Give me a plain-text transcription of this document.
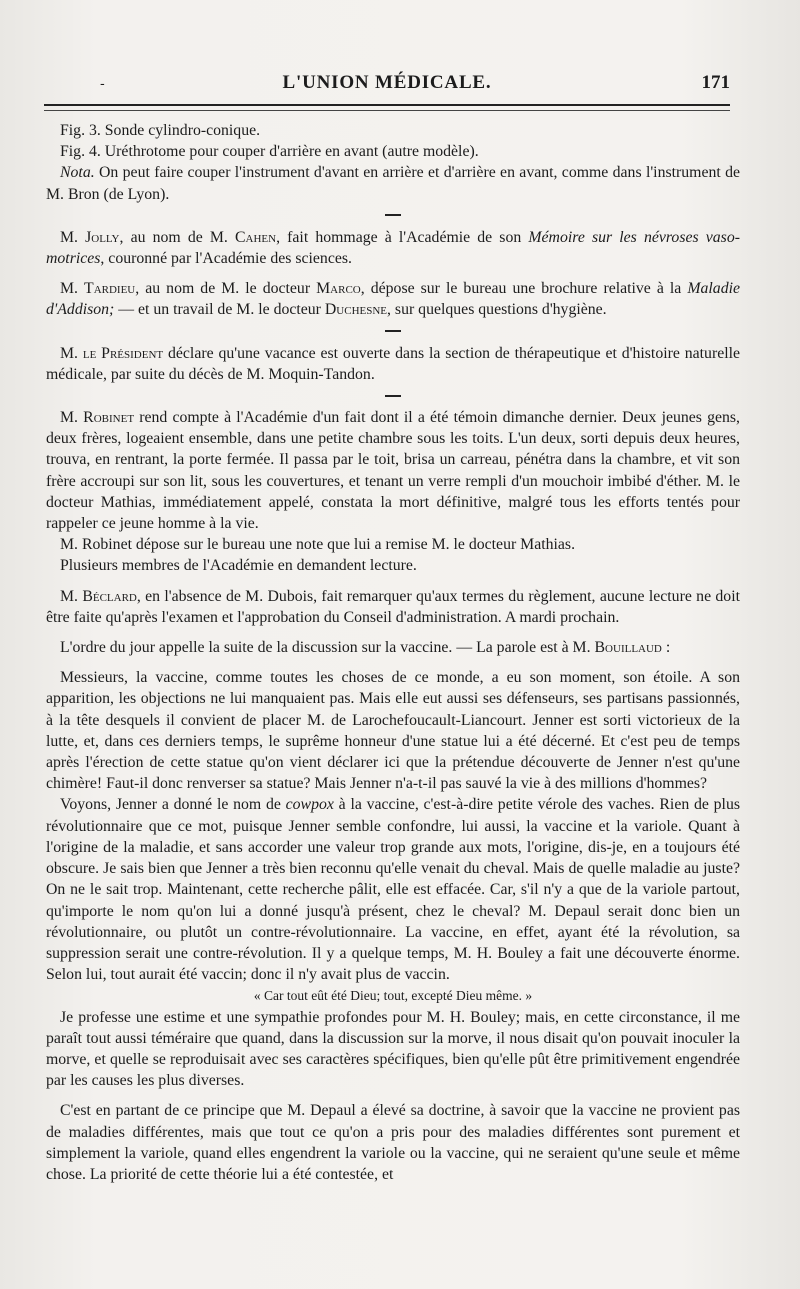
-	L'UNION MÉDICALE.	171

Fig. 3. Sonde cylindro-conique.

Fig. 4. Uréthrotome pour couper d'arrière en avant (autre modèle).

Nota. On peut faire couper l'instrument d'avant en arrière et d'arrière en avant, comme dans l'instrument de M. Bron (de Lyon).

M. Jolly, au nom de M. Cahen, fait hommage à l'Académie de son Mémoire sur les névroses vaso-motrices, couronné par l'Académie des sciences.

M. Tardieu, au nom de M. le docteur Marco, dépose sur le bureau une brochure relative à la Maladie d'Addison; — et un travail de M. le docteur Duchesne, sur quelques questions d'hygiène.

M. le Président déclare qu'une vacance est ouverte dans la section de thérapeutique et d'histoire naturelle médicale, par suite du décès de M. Moquin-Tandon.

M. Robinet rend compte à l'Académie d'un fait dont il a été témoin dimanche dernier. Deux jeunes gens, deux frères, logeaient ensemble, dans une petite chambre sous les toits. L'un deux, sorti depuis deux heures, trouva, en rentrant, la porte fermée. Il passa par le toit, brisa un carreau, pénétra dans la chambre, et vit son frère accroupi sur son lit, sous les couvertures, et tenant un verre rempli d'un mouchoir imbibé d'éther. M. le docteur Mathias, immédiatement appelé, constata la mort définitive, malgré tous les efforts tentés pour rappeler ce jeune homme à la vie.

M. Robinet dépose sur le bureau une note que lui a remise M. le docteur Mathias.

Plusieurs membres de l'Académie en demandent lecture.

M. Béclard, en l'absence de M. Dubois, fait remarquer qu'aux termes du règlement, aucune lecture ne doit être faite qu'après l'examen et l'approbation du Conseil d'administration. A mardi prochain.

L'ordre du jour appelle la suite de la discussion sur la vaccine. — La parole est à M. Bouillaud :

Messieurs, la vaccine, comme toutes les choses de ce monde, a eu son moment, son étoile. A son apparition, les objections ne lui manquaient pas. Mais elle eut aussi ses défenseurs, ses partisans passionnés, à la tête desquels il convient de placer M. de Larochefoucault-Liancourt. Jenner est sorti victorieux de la lutte, et, dans ces derniers temps, le suprême honneur d'une statue lui a été décerné. Et c'est peu de temps après l'érection de cette statue qu'on vient déclarer ici que la prétendue découverte de Jenner n'est qu'une chimère! Faut-il donc renverser sa statue? Mais Jenner n'a-t-il pas sauvé la vie à des millions d'hommes?

Voyons, Jenner a donné le nom de cowpox à la vaccine, c'est-à-dire petite vérole des vaches. Rien de plus révolutionnaire que ce mot, puisque Jenner semble confondre, lui aussi, la vaccine et la variole. Quant à l'origine de la maladie, et sans accorder une valeur trop grande aux mots, l'origine, dis-je, en a toujours été obscure. Je sais bien que Jenner a très bien reconnu qu'elle venait du cheval. Mais de quelle maladie au juste? On ne le sait trop. Maintenant, cette recherche pâlit, elle est effacée. Car, s'il n'y a que de la variole partout, qu'importe le nom qu'on lui a donné jusqu'à présent, chez le cheval? M. Depaul serait donc bien un révolutionnaire, ou plutôt un contre-révolutionnaire. La vaccine, en effet, ayant été la révolution, sa suppression serait une contre-révolution. Il y a quelque temps, M. H. Bouley a fait une découverte énorme. Selon lui, tout aurait été vaccin; donc il n'y avait plus de vaccin.

« Car tout eût été Dieu; tout, excepté Dieu même. »

Je professe une estime et une sympathie profondes pour M. H. Bouley; mais, en cette circonstance, il me paraît tout aussi téméraire que quand, dans la discussion sur la morve, il nous disait qu'on pouvait inoculer la morve, et quelle se reproduisait avec ses caractères spécifiques, bien qu'elle pût être primitivement engendrée par les causes les plus diverses.

C'est en partant de ce principe que M. Depaul a élevé sa doctrine, à savoir que la vaccine ne provient pas de maladies différentes, mais que tout ce qu'on a pris pour des maladies différentes sont purement et simplement la variole, quand elles engendrent la variole ou la vaccine, qui ne seraient qu'une seule et même chose. La priorité de cette théorie lui a été contestée, et
